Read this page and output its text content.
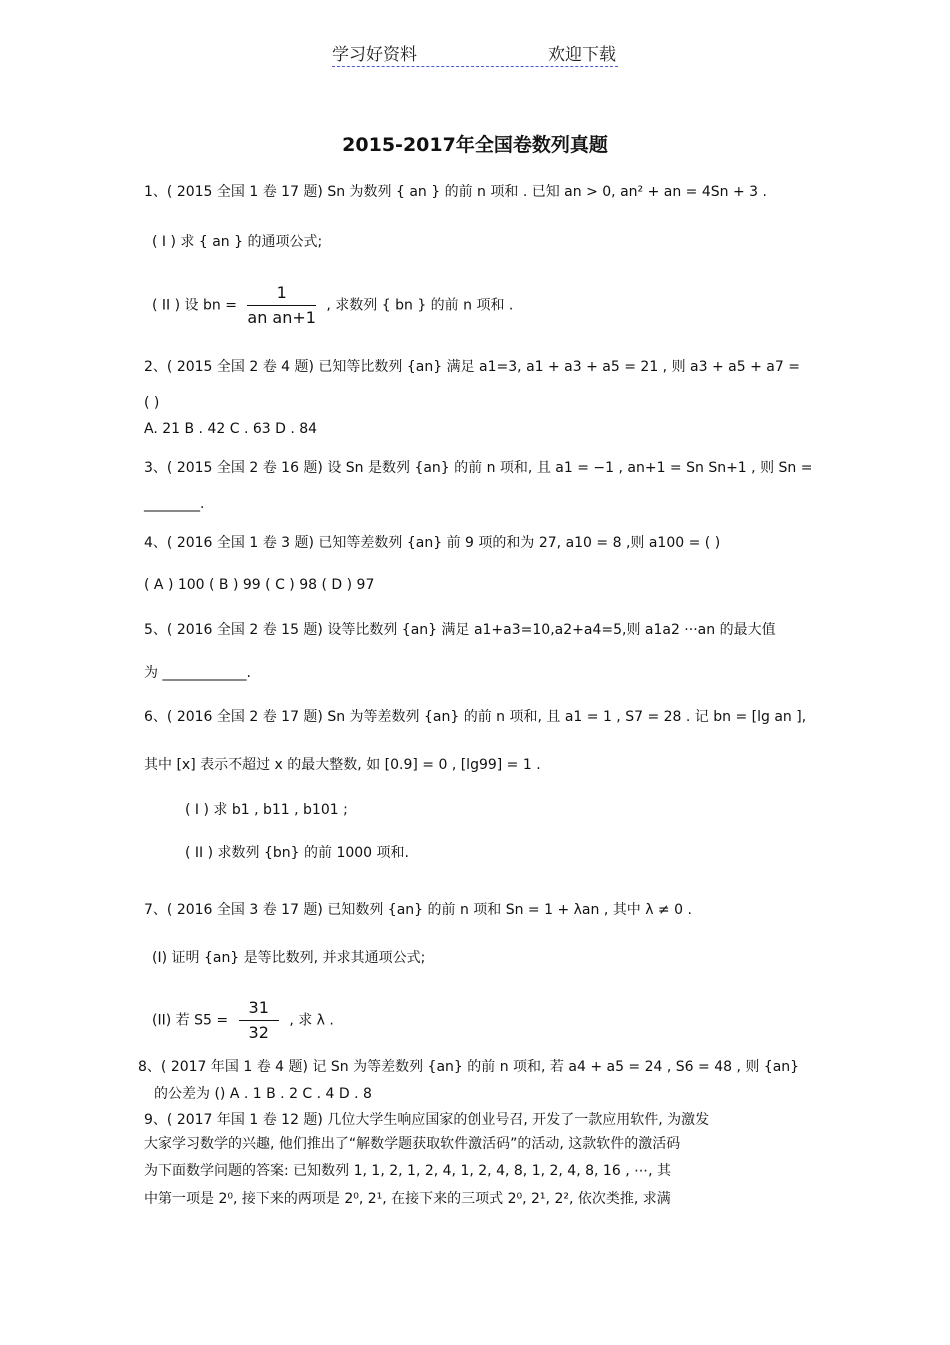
学习好资料	欢迎下载
2015-2017年全国卷数列真题
1、( 2015 全国 1 卷 17 题) Sn 为数列 { an } 的前 n 项和 . 已知 an > 0, an² + an = 4Sn + 3 .
( I ) 求 { an } 的通项公式;
( II ) 设 bn = $\frac{1}{\text{an an+1}}$ , 求数列 { bn } 的前 n 项和 .
2、( 2015 全国 2 卷 4 题) 已知等比数列 {an} 满足 a1=3, a1 + a3 + a5 = 21 , 则 a3 + a5 + a7 =
( )
A. 21 B . 42 C . 63 D . 84
3、( 2015 全国 2 卷 16 题) 设 Sn 是数列 {an} 的前 n 项和, 且 a1 = −1 , an+1 = Sn Sn+1 , 则 Sn =
________.
4、( 2016 全国 1 卷 3 题) 已知等差数列 {an} 前 9 项的和为 27, a10 = 8 ,则 a100 = ( )
( A ) 100 ( B ) 99 ( C ) 98 ( D ) 97
5、( 2016 全国 2 卷 15 题) 设等比数列 {an} 满足 a1+a3=10,a2+a4=5,则 a1a2 ···an 的最大值
为 ____________.
6、( 2016 全国 2 卷 17 题) Sn 为等差数列 {an} 的前 n 项和, 且 a1 = 1 , S7 = 28 . 记 bn = [lg an ],
其中 [x] 表示不超过 x 的最大整数, 如 [0.9] = 0 , [lg99] = 1 .
( I ) 求 b1 , b11 , b101 ;
( II ) 求数列 {bn} 的前 1000 项和.
7、( 2016 全国 3 卷 17 题) 已知数列 {an} 的前 n 项和 Sn = 1 + λan , 其中 λ ≠ 0 .
(I) 证明 {an} 是等比数列, 并求其通项公式;
(II) 若 $S5 = \frac{31}{32}$ , 求 λ .
8、( 2017 年国 1 卷 4 题) 记 Sn 为等差数列 {an} 的前 n 项和, 若 a4 + a5 = 24 , S6 = 48 , 则 {an}
的公差为 () A . 1 B . 2 C . 4 D . 8
9、( 2017 年国 1 卷 12 题) 几位大学生响应国家的创业号召, 开发了一款应用软件, 为激发
大家学习数学的兴趣, 他们推出了“解数学题获取软件激活码”的活动, 这款软件的激活码
为下面数学问题的答案: 已知数列 1, 1, 2, 1, 2, 4, 1, 2, 4, 8, 1, 2, 4, 8, 16 , ⋯, 其
中第一项是 2⁰, 接下来的两项是 2⁰, 2¹, 在接下来的三项式 2⁰, 2¹, 2², 依次类推, 求满
